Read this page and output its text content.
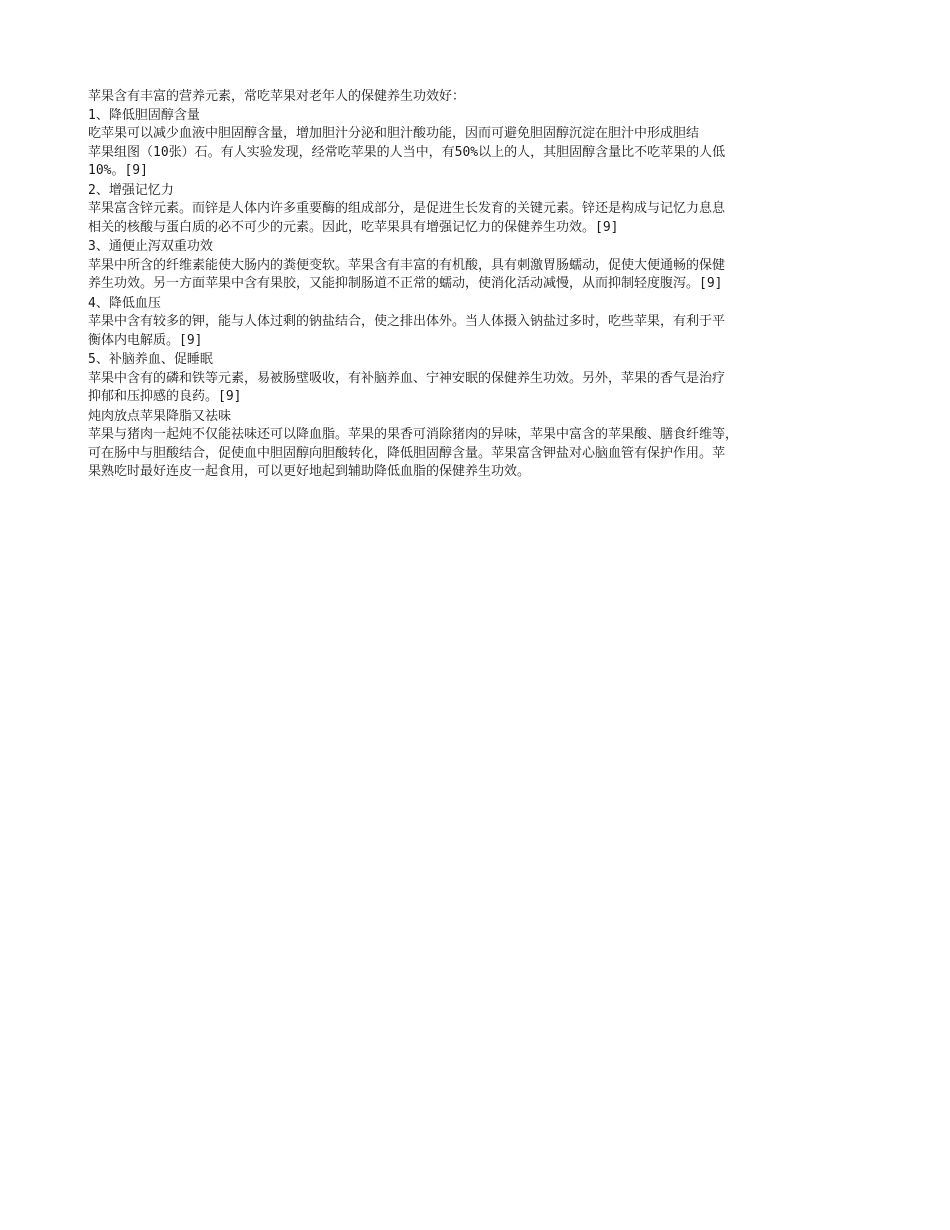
苹果含有丰富的营养元素，常吃苹果对老年人的保健养生功效好：
1、降低胆固醇含量
吃苹果可以减少血液中胆固醇含量，增加胆汁分泌和胆汁酸功能，因而可避免胆固醇沉淀在胆汁中形成胆结
苹果组图（10张）石。有人实验发现，经常吃苹果的人当中，有50%以上的人，其胆固醇含量比不吃苹果的人低
10%。[9]
2、增强记忆力
苹果富含锌元素。而锌是人体内许多重要酶的组成部分，是促进生长发育的关键元素。锌还是构成与记忆力息息
相关的核酸与蛋白质的必不可少的元素。因此，吃苹果具有增强记忆力的保健养生功效。[9]
3、通便止泻双重功效
苹果中所含的纤维素能使大肠内的粪便变软。苹果含有丰富的有机酸，具有刺激胃肠蠕动，促使大便通畅的保健
养生功效。另一方面苹果中含有果胶，又能抑制肠道不正常的蠕动，使消化活动减慢，从而抑制轻度腹泻。[9]
4、降低血压
苹果中含有较多的钾，能与人体过剩的钠盐结合，使之排出体外。当人体摄入钠盐过多时，吃些苹果，有利于平
衡体内电解质。[9]
5、补脑养血、促睡眠
苹果中含有的磷和铁等元素，易被肠壁吸收，有补脑养血、宁神安眠的保健养生功效。另外，苹果的香气是治疗
抑郁和压抑感的良药。[9]
炖肉放点苹果降脂又祛味
苹果与猪肉一起炖不仅能祛味还可以降血脂。苹果的果香可消除猪肉的异味，苹果中富含的苹果酸、膳食纤维等，
可在肠中与胆酸结合，促使血中胆固醇向胆酸转化，降低胆固醇含量。苹果富含钾盐对心脑血管有保护作用。苹
果熟吃时最好连皮一起食用，可以更好地起到辅助降低血脂的保健养生功效。
